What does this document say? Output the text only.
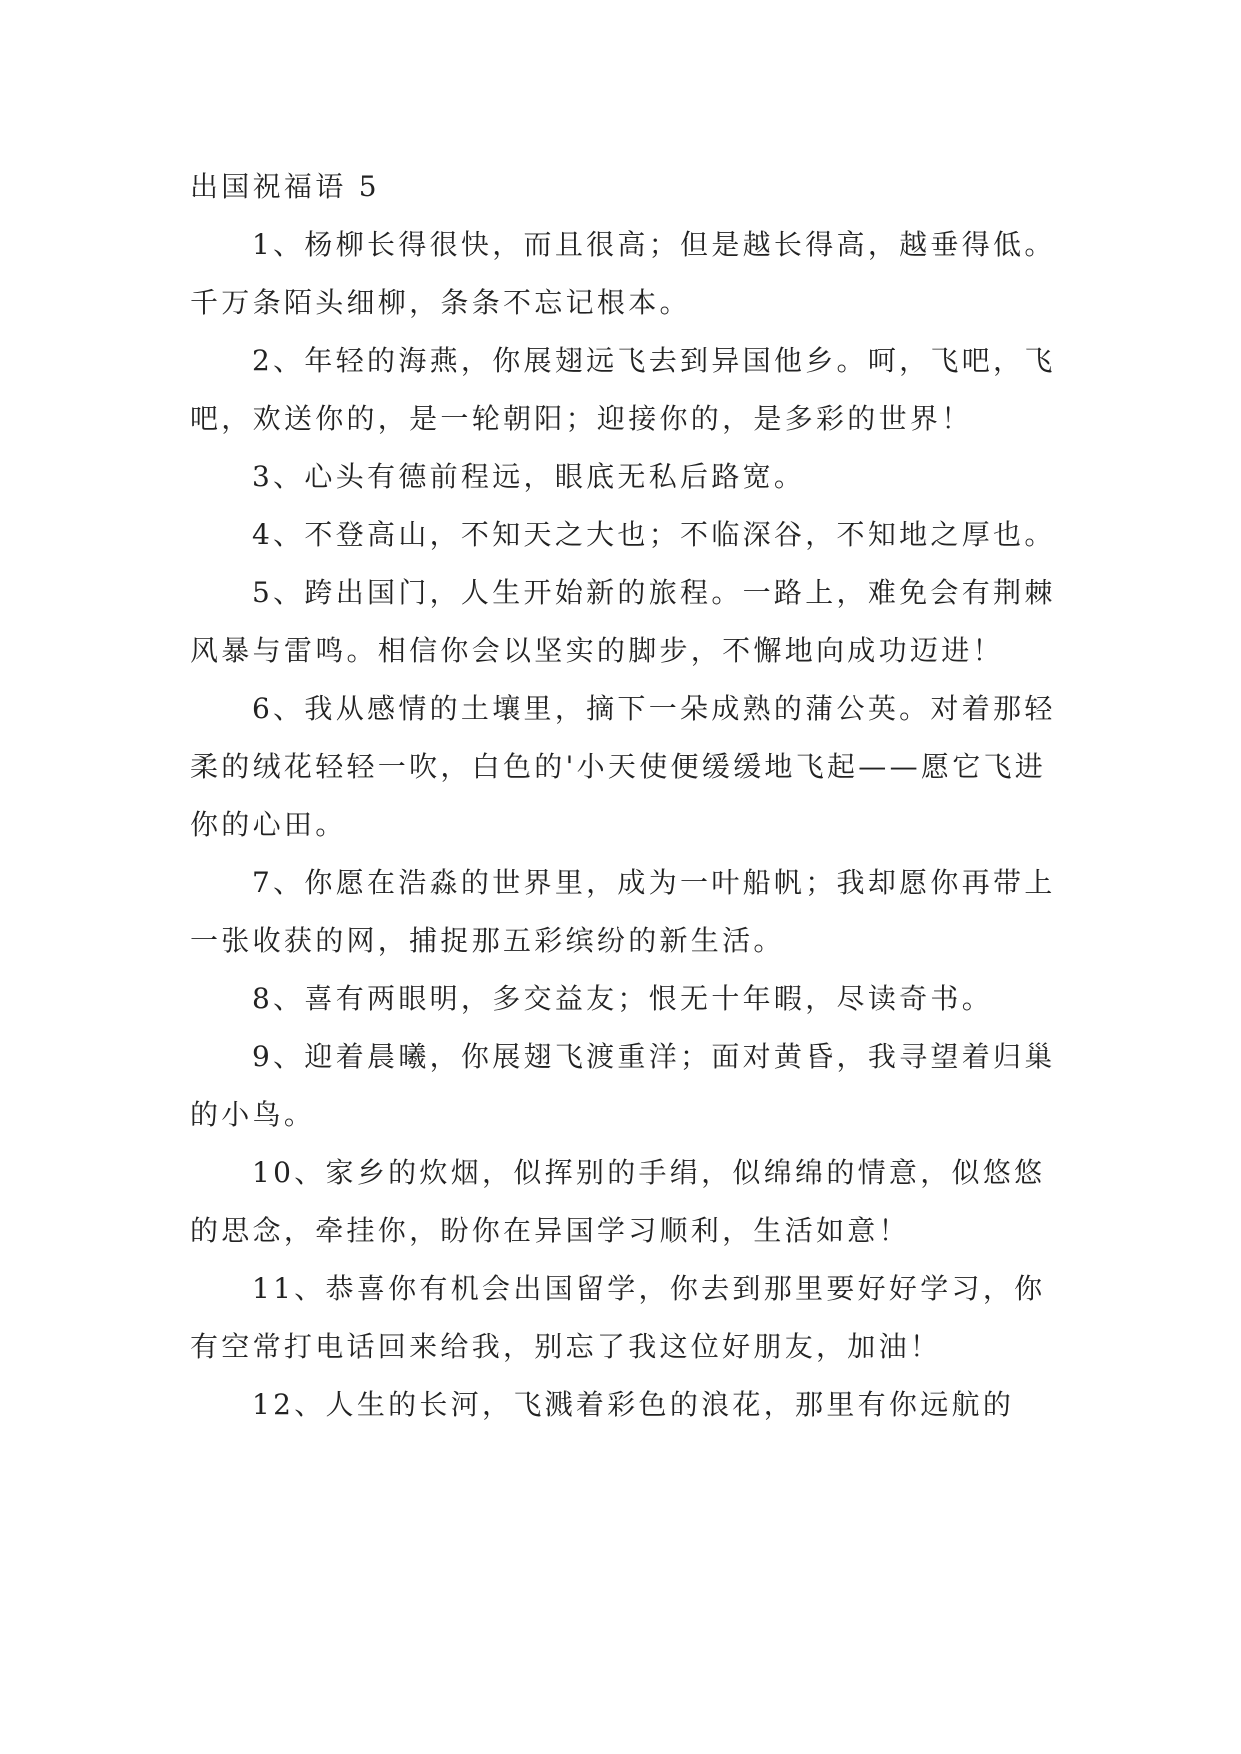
出国祝福语 5

1、杨柳长得很快，而且很高；但是越长得高，越垂得低。千万条陌头细柳，条条不忘记根本。

2、年轻的海燕，你展翅远飞去到异国他乡。呵，飞吧，飞吧，欢送你的，是一轮朝阳；迎接你的，是多彩的世界！

3、心头有德前程远，眼底无私后路宽。

4、不登高山，不知天之大也；不临深谷，不知地之厚也。

5、跨出国门，人生开始新的旅程。一路上，难免会有荆棘风暴与雷鸣。相信你会以坚实的脚步，不懈地向成功迈进！

6、我从感情的土壤里，摘下一朵成熟的蒲公英。对着那轻柔的绒花轻轻一吹，白色的'小天使便缓缓地飞起——愿它飞进你的心田。

7、你愿在浩淼的世界里，成为一叶船帆；我却愿你再带上一张收获的网，捕捉那五彩缤纷的新生活。

8、喜有两眼明，多交益友；恨无十年暇，尽读奇书。

9、迎着晨曦，你展翅飞渡重洋；面对黄昏，我寻望着归巢的小鸟。

10、家乡的炊烟，似挥别的手绢，似绵绵的情意，似悠悠的思念，牵挂你，盼你在异国学习顺利，生活如意！

11、恭喜你有机会出国留学，你去到那里要好好学习，你有空常打电话回来给我，别忘了我这位好朋友，加油！

12、人生的长河，飞溅着彩色的浪花，那里有你远航的
